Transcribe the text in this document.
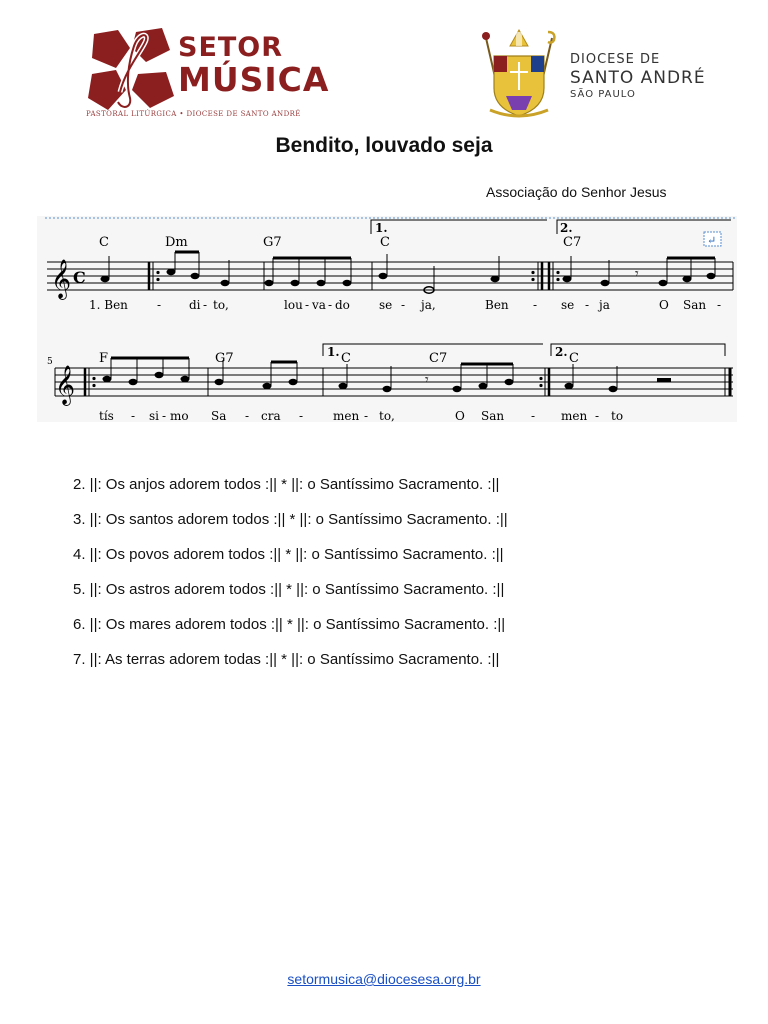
SETOR
MÚSICA
PASTORAL LITÚRGICA • DIOCESE DE SANTO ANDRÉ
DIOCESE DE
SANTO ANDRÉ
SÃO PAULO
Bendito, louvado seja
Associação do Senhor Jesus
𝄞 C	𝄾
1.	2.
↵
C	Dm	G7	C	C7
1. Ben - di - to,	lou - va - do se - ja,	Ben - se - ja	O San -
5
𝄞	𝄾
1.	2.
F	G7	C	C7	C
tís - si - mo Sa - cra - men - to,	O San - men - to
2. ||: Os anjos adorem todos :|| * ||: o Santíssimo Sacramento. :||
3. ||: Os santos adorem todos :|| * ||: o Santíssimo Sacramento. :||
4. ||: Os povos adorem todos :|| * ||: o Santíssimo Sacramento. :||
5. ||: Os astros adorem todos :|| * ||: o Santíssimo Sacramento. :||
6. ||: Os mares adorem todos :|| * ||: o Santíssimo Sacramento. :||
7. ||: As terras adorem todas :|| * ||: o Santíssimo Sacramento. :||
setormusica@diocesesa.org.br
